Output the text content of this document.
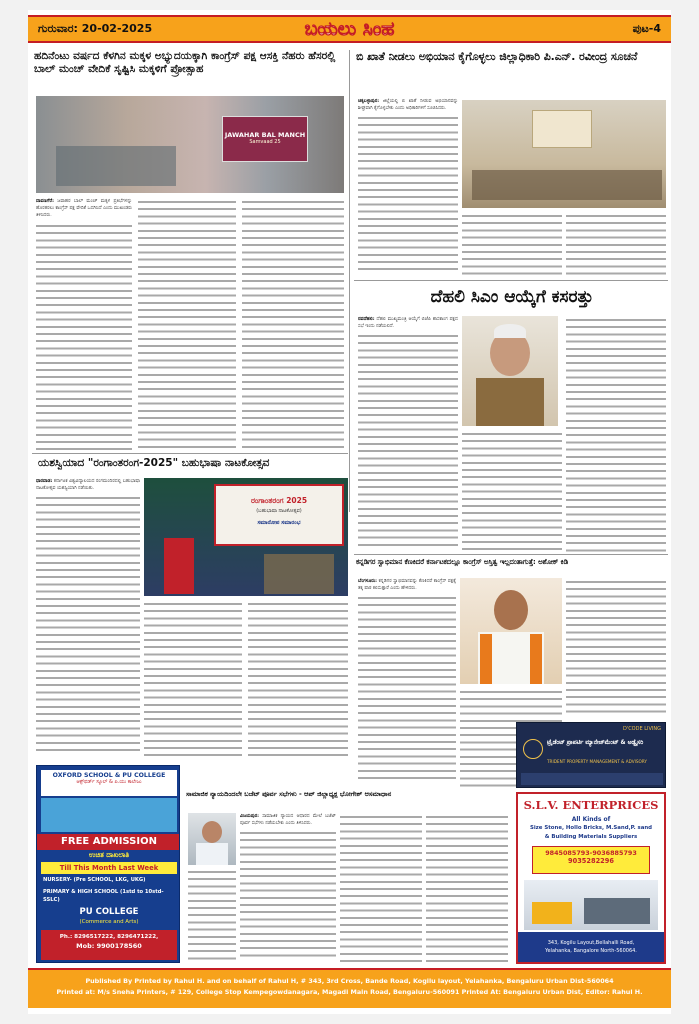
ಗುರುವಾರ: 20-02-2025	ಬಯಲು ಸಿಂಹ	ಪುಟ-4
ಹದಿನೆಂಟು ವರ್ಷದ ಕೆಳಗಿನ ಮಕ್ಕಳ ಅಭ್ಯುದಯಕ್ಕಾಗಿ ಕಾಂಗ್ರೆಸ್ ಪಕ್ಷ ಆಸಕ್ತಿ ನೆಹರು ಹೆಸರಲ್ಲಿ ಬಾಲ್ ಮಂಚ್ ವೇದಿಕೆ ಸೃಷ್ಟಿಸಿ ಮಕ್ಕಳಿಗೆ ಪ್ರೋತ್ಸಾಹ
JAWAHAR BAL MANCH
Samvaad 25
ದಾವಣಗೆರೆ: ಜವಾಹರ ಬಾಲ್ ಮಂಚ್ ಮಕ್ಕಳ ಪ್ರತಿಭೆಗಳನ್ನು ಹೊರತರಲು ಕಾಂಗ್ರೆಸ್ ಪಕ್ಷ ವೇದಿಕೆ ಒದಗಿಸಿದೆ ಎಂದು ಮುಖಂಡರು ತಿಳಿಸಿದರು.
ಯಶಸ್ವಿಯಾದ "ರಂಗಾಂತರಂಗ-2025" ಬಹುಭಾಷಾ ನಾಟಕೋತ್ಸವ
ಧಾರವಾಡ: ಕರ್ನಾಟಕ ವಿಶ್ವವಿದ್ಯಾಲಯದ ರಂಗಮಂದಿರದಲ್ಲಿ ಬಹುಭಾಷಾ ನಾಟಕೋತ್ಸವ ಯಶಸ್ವಿಯಾಗಿ ನಡೆಯಿತು.
ರಂಗಾಂತರಂಗ 2025
(ಬಹುಭಾಷಾ ನಾಟಕೋತ್ಸವ)
ಸಮಾರೋಪ ಸಮಾರಂಭ
OXFORD SCHOOL & PU COLLEGE
ಆಕ್ಸ್‌ಫರ್ಡ್ ಸ್ಕೂಲ್ & ಪಿ.ಯು ಕಾಲೇಜು
FREE ADMISSION
ಉಚಿತ ದಾಖಲಾತಿ
Till This Month Last Week
NURSERY- (Pre SCHOOL, LKG, UKG)
PRIMARY & HIGH SCHOOL (1std to 10std- SSLC)
PU COLLEGE
(Commerce and Arts)
Ph.: 8296517222, 8296471222,
Mob: 9900178560
ಸಾಮಾಜಿಕ ನ್ಯಾಯದಿಂದಲೇ ಬಜೆಟ್ ಪೂರ್ವ ಸಭೆಗಳು - ಆಪ್ ಜಿಲ್ಲಾಧ್ಯಕ್ಷ ಭೋಗೇಶ್ ಆಸಮಾಧಾನ
ವಿಜಯಪುರ: ಸಾಮಾಜಿಕ ನ್ಯಾಯದ ಆಧಾರದ ಮೇಲೆ ಬಜೆಟ್ ಪೂರ್ವ ಸಭೆಗಳು ನಡೆಯಬೇಕು ಎಂದು ತಿಳಿಸಿದರು.
ಬಿ ಖಾತೆ ನೀಡಲು ಅಭಿಯಾನ ಕೈಗೊಳ್ಳಲು ಜಿಲ್ಲಾಧಿಕಾರಿ ಪಿ.ಎನ್. ರವೀಂದ್ರ ಸೂಚನೆ
ಚಿಕ್ಕಬಳ್ಳಾಪುರ: ಜಿಲ್ಲೆಯಲ್ಲಿ ಬಿ ಖಾತೆ ನೀಡುವ ಅಭಿಯಾನವನ್ನು ಶೀಘ್ರವಾಗಿ ಕೈಗೊಳ್ಳಬೇಕು ಎಂದು ಅಧಿಕಾರಿಗಳಿಗೆ ಸೂಚಿಸಿದರು.
ದೆಹಲಿ ಸಿಎಂ ಆಯ್ಕೆಗೆ ಕಸರತ್ತು
ನವದೆಹಲಿ: ದೆಹಲಿ ಮುಖ್ಯಮಂತ್ರಿ ಆಯ್ಕೆಗೆ ಬಿಜೆಪಿ ಶಾಸಕಾಂಗ ಪಕ್ಷದ ಸಭೆ ಇಂದು ನಡೆಯಲಿದೆ.
ಕನ್ನಡಿಗರ ಸ್ವಾಭಿಮಾನ ಕೆಣಕಿದರೆ ಕರ್ನಾಟಕದಲ್ಲೂ ಕಾಂಗ್ರೆಸ್ ಅಸ್ತಿತ್ವ ಇಲ್ಲದಂತಾಗುತ್ತೆ: ಅಶೋಕ್ ಕಿಡಿ
ಬೆಂಗಳೂರು: ಕನ್ನಡಿಗರ ಸ್ವಾಭಿಮಾನವನ್ನು ಕೆಣಕಿದರೆ ಕಾಂಗ್ರೆಸ್ ಪಕ್ಷಕ್ಕೆ ತಕ್ಕ ಪಾಠ ಕಲಿಸುತ್ತಾರೆ ಎಂದು ಹೇಳಿದರು.
D'CODE LIVING
ಟ್ರೈಡೆಂಟ್ ಪ್ರಾಪರ್ಟಿ ಮ್ಯಾನೇಜ್‌ಮೆಂಟ್ & ಅಡ್ವೈಸರಿ
TRIDENT PROPERTY MANAGEMENT & ADVISORY
S.L.V. ENTERPRICES
All Kinds of
Size Stone, Hollo Bricks, M.Sand,P. sand
& Building Materials Suppliers
9845085793-9036885793
9035282296
343, Kogilu Layout,Bellahalli Road, Yelahanka, Bangalore North-560064.
Published By Printed by Rahul H. and on behalf of Rahul H, # 343, 3rd Cross, Bande Road, Kogilu layout, Yelahanka, Bengaluru Urban Dist-560064
Printed at: M/s Sneha Printers, # 129, College Stop Kempegowdanagara, Magadi Main Road, Bengaluru-560091 Printed At: Bengaluru Urban Dist, Editor: Rahul H.
